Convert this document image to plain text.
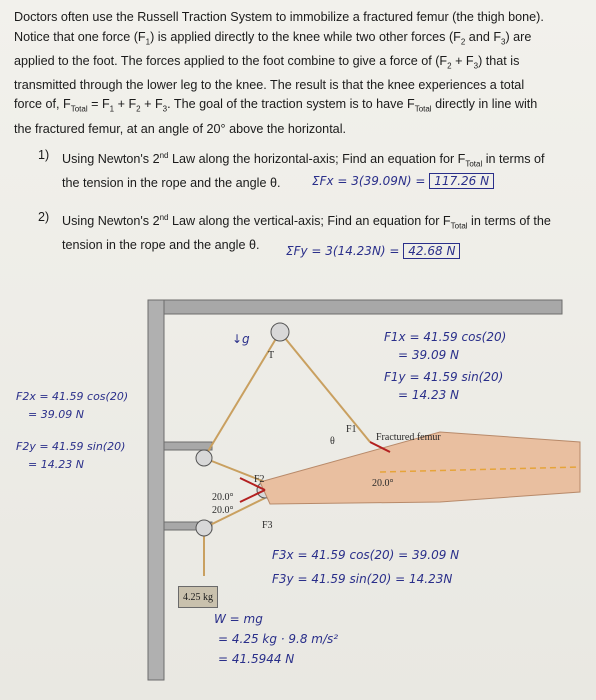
Doctors often use the Russell Traction System to immobilize a fractured femur (the thigh bone).
Notice that one force $(F_1)$ is applied directly to the knee while two other forces ($F_2$ and $F_3$) are
applied to the foot. The forces applied to the foot combine to give a force of $(F_2 + F_3)$ that is
transmitted through the lower leg to the knee. The result is that the knee experiences a total
force of, $F_{Total} = F_1 + F_2 + F_3$. The goal of the traction system is to have $F_{Total}$ directly in line with
the fractured femur, at an angle of 20° above the horizontal.
1) Using Newton's 2nd Law along the horizontal-axis; Find an equation for $F_{Total}$ in terms of
the tension in the rope and the angle θ.	ΣFx = 3(39.09N) = 117.26 N
2) Using Newton's 2nd Law along the vertical-axis; Find an equation for $F_{Total}$ in terms of the
tension in the rope and the angle θ.	ΣFy = 3(14.23N) = 42.68 N
4.25 kg
Fractured femur
20.0°
20.0°
20.0°
F1
F2
F3
θ
T
↓g	F1x = 41.59 cos(20)
= 39.09 N
F1y = 41.59 sin(20)
= 14.23 N
F2x = 41.59 cos(20)
= 39.09 N
F2y = 41.59 sin(20)
= 14.23 N
F3x = 41.59 cos(20) = 39.09 N
F3y = 41.59 sin(20) = 14.23N
W = mg
= 4.25 kg · 9.8 m/s²
= 41.5944 N
